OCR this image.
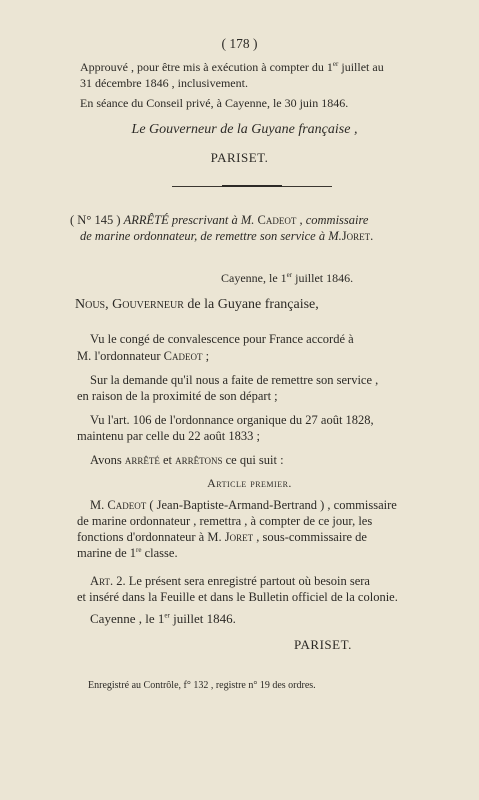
( 178 )
Approuvé , pour être mis à exécution à compter du 1er juillet au
31 décembre 1846 , inclusivement.
En séance du Conseil privé, à Cayenne, le 30 juin 1846.
Le Gouverneur de la Guyane française ,
PARISET.
( N° 145 ) ARRÊTÉ prescrivant à M. Cadeot , commissaire
de marine ordonnateur, de remettre son service à M.Joret.
Cayenne, le 1er juillet 1846.
Nous, Gouverneur de la Guyane française,
Vu le congé de convalescence pour France accordé à
M. l'ordonnateur Cadeot ;
Sur la demande qu'il nous a faite de remettre son service ,
en raison de la proximité de son départ ;
Vu l'art. 106 de l'ordonnance organique du 27 août 1828,
maintenu par celle du 22 août 1833 ;
Avons arrêté et arrêtons ce qui suit :
Article premier.
M. Cadeot ( Jean-Baptiste-Armand-Bertrand ) , commissaire
de marine ordonnateur , remettra , à compter de ce jour, les
fonctions d'ordonnateur à M. Joret , sous-commissaire de
marine de 1re classe.
Art. 2. Le présent sera enregistré partout où besoin sera
et inséré dans la Feuille et dans le Bulletin officiel de la colonie.
Cayenne , le 1er juillet 1846.
PARISET.
Enregistré au Contrôle, f° 132 , registre n° 19 des ordres.
